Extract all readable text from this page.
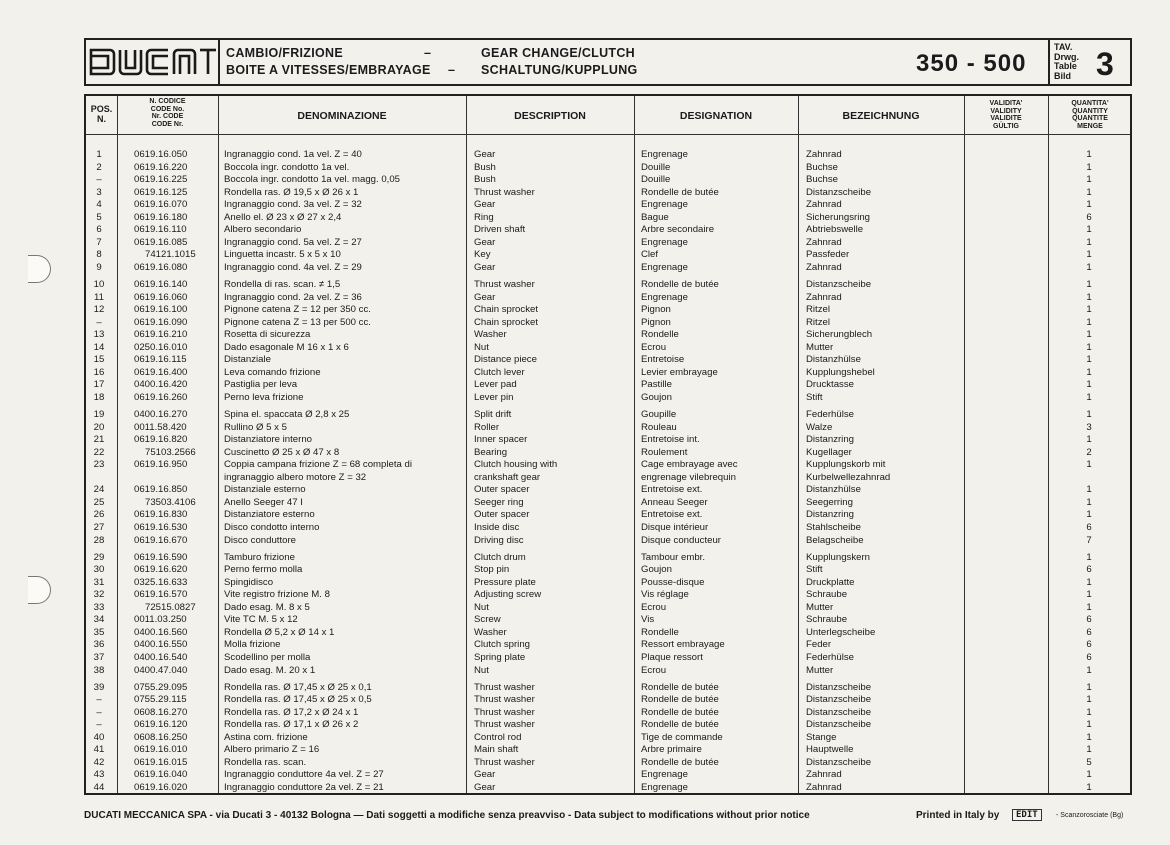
CAMBIO/FRIZIONE
BOITE A VITESSES/EMBRAYAGE
–
–
GEAR CHANGE/CLUTCH
SCHALTUNG/KUPPLUNG	350 - 500
TAV.
Drwg.
Table
Bild 3
POS.
N.
N. CODICE
CODE No.
Nr. CODE
CODE Nr.
DENOMINAZIONE	DESCRIPTION	DESIGNATION	BEZEICHNUNG
VALIDITA'
VALIDITY
VALIDITE
GÜLTIG
QUANTITA'
QUANTITY
QUANTITE
MENGE
1	0619.16.050	Ingranaggio cond. 1a vel. Z = 40	Gear	Engrenage	Zahnrad	1
2	0619.16.220	Boccola ingr. condotto 1a vel.	Bush	Douille	Buchse	1
–	0619.16.225	Boccola ingr. condotto 1a vel. magg. 0,05	Bush	Douille	Buchse	1
3	0619.16.125	Rondella ras. Ø 19,5 x Ø 26 x 1	Thrust washer	Rondelle de butée	Distanzscheibe	1
4	0619.16.070	Ingranaggio cond. 3a vel. Z = 32	Gear	Engrenage	Zahnrad	1
5	0619.16.180	Anello el. Ø 23 x Ø 27 x 2,4	Ring	Bague	Sicherungsring	6
6	0619.16.110	Albero secondario	Driven shaft	Arbre secondaire	Abtriebswelle	1
7	0619.16.085	Ingranaggio cond. 5a vel. Z = 27	Gear	Engrenage	Zahnrad	1
8	74121.1015	Linguetta incastr. 5 x 5 x 10	Key	Clef	Passfeder	1
9	0619.16.080	Ingranaggio cond. 4a vel. Z = 29	Gear	Engrenage	Zahnrad	1
10	0619.16.140	Rondella di ras. scan. ≠ 1,5	Thrust washer	Rondelle de butée	Distanzscheibe	1
11	0619.16.060	Ingranaggio cond. 2a vel. Z = 36	Gear	Engrenage	Zahnrad	1
12	0619.16.100	Pignone catena Z = 12 per 350 cc.	Chain sprocket	Pignon	Ritzel	1
–	0619.16.090	Pignone catena Z = 13 per 500 cc.	Chain sprocket	Pignon	Ritzel	1
13	0619.16.210	Rosetta di sicurezza	Washer	Rondelle	Sicherungblech	1
14	0250.16.010	Dado esagonale M 16 x 1 x 6	Nut	Ecrou	Mutter	1
15	0619.16.115	Distanziale	Distance piece	Entretoise	Distanzhülse	1
16	0619.16.400	Leva comando frizione	Clutch lever	Levier embrayage	Kupplungshebel	1
17	0400.16.420	Pastiglia per leva	Lever pad	Pastille	Drucktasse	1
18	0619.16.260	Perno leva frizione	Lever pin	Goujon	Stift	1
19	0400.16.270	Spina el. spaccata Ø 2,8 x 25	Split drift	Goupille	Federhülse	1
20	0011.58.420	Rullino Ø 5 x 5	Roller	Rouleau	Walze	3
21	0619.16.820	Distanziatore interno	Inner spacer	Entretoise int.	Distanzring	1
22	75103.2566	Cuscinetto Ø 25 x Ø 47 x 8	Bearing	Roulement	Kugellager	2
23	0619.16.950	Coppia campana frizione Z = 68 completa di	Clutch housing with	Cage embrayage avec	Kupplungskorb mit	1
ingranaggio albero motore Z = 32	crankshaft gear	engrenage vilebrequin	Kurbelwellezahnrad
24	0619.16.850	Distanziale esterno	Outer spacer	Entretoise ext.	Distanzhülse	1
25	73503.4106	Anello Seeger 47 I	Seeger ring	Anneau Seeger	Seegerring	1
26	0619.16.830	Distanziatore esterno	Outer spacer	Entretoise ext.	Distanzring	1
27	0619.16.530	Disco condotto interno	Inside disc	Disque intérieur	Stahlscheibe	6
28	0619.16.670	Disco conduttore	Driving disc	Disque conducteur	Belagscheibe	7
29	0619.16.590	Tamburo frizione	Clutch drum	Tambour embr.	Kupplungskern	1
30	0619.16.620	Perno fermo molla	Stop pin	Goujon	Stift	6
31	0325.16.633	Spingidisco	Pressure plate	Pousse-disque	Druckplatte	1
32	0619.16.570	Vite registro frizione M. 8	Adjusting screw	Vis réglage	Schraube	1
33	72515.0827	Dado esag. M. 8 x 5	Nut	Ecrou	Mutter	1
34	0011.03.250	Vite TC M. 5 x 12	Screw	Vis	Schraube	6
35	0400.16.560	Rondella Ø 5,2 x Ø 14 x 1	Washer	Rondelle	Unterlegscheibe	6
36	0400.16.550	Molla frizione	Clutch spring	Ressort embrayage	Feder	6
37	0400.16.540	Scodellino per molla	Spring plate	Plaque ressort	Federhülse	6
38	0400.47.040	Dado esag. M. 20 x 1	Nut	Ecrou	Mutter	1
39	0755.29.095	Rondella ras. Ø 17,45 x Ø 25 x 0,1	Thrust washer	Rondelle de butée	Distanzscheibe	1
–	0755.29.115	Rondella ras. Ø 17,45 x Ø 25 x 0,5	Thrust washer	Rondelle de butée	Distanzscheibe	1
–	0608.16.270	Rondella ras. Ø 17,2 x Ø 24 x 1	Thrust washer	Rondelle de butée	Distanzscheibe	1
–	0619.16.120	Rondella ras. Ø 17,1 x Ø 26 x 2	Thrust washer	Rondelle de butée	Distanzscheibe	1
40	0608.16.250	Astina com. frizione	Control rod	Tige de commande	Stange	1
41	0619.16.010	Albero primario Z = 16	Main shaft	Arbre primaire	Hauptwelle	1
42	0619.16.015	Rondella ras. scan.	Thrust washer	Rondelle de butée	Distanzscheibe	5
43	0619.16.040	Ingranaggio conduttore 4a vel. Z = 27	Gear	Engrenage	Zahnrad	1
44	0619.16.020	Ingranaggio conduttore 2a vel. Z = 21	Gear	Engrenage	Zahnrad	1
DUCATI MECCANICA SPA - via Ducati 3 - 40132 Bologna — Dati soggetti a modifiche senza preavviso - Data subject to modifications without prior notice	Printed in Italy by	EDIT	- Scanzorosciate (Bg)
